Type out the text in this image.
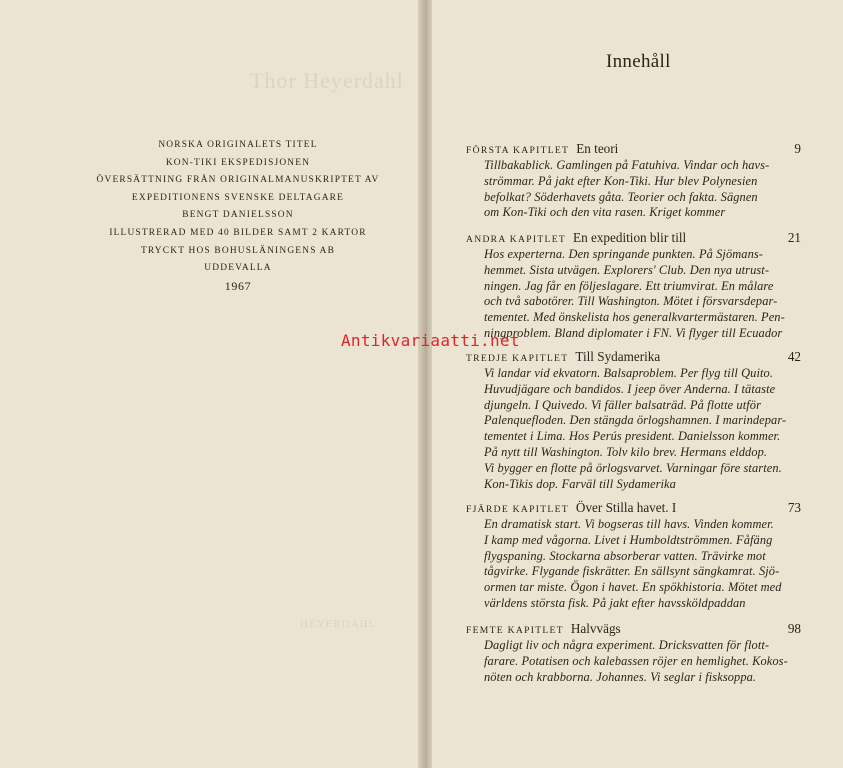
Thor Heyerdahl
HEYERDAHL
NORSKA ORIGINALETS TITEL
KON-TIKI EKSPEDISJONEN
ÖVERSÄTTNING FRÅN ORIGINALMANUSKRIPTET AV
EXPEDITIONENS SVENSKE DELTAGARE
BENGT DANIELSSON
ILLUSTRERAD MED 40 BILDER SAMT 2 KARTOR
TRYCKT HOS BOHUSLÄNINGENS AB
UDDEVALLA
1967
Innehåll
FÖRSTA KAPITLET En teori	9
Tillbakablick. Gamlingen på Fatuhiva. Vindar och havs-
strömmar. På jakt efter Kon-Tiki. Hur blev Polynesien
befolkat? Söderhavets gåta. Teorier och fakta. Sägnen
om Kon-Tiki och den vita rasen. Kriget kommer
ANDRA KAPITLET En expedition blir till	21
Hos experterna. Den springande punkten. På Sjömans-
hemmet. Sista utvägen. Explorers' Club. Den nya utrust-
ningen. Jag får en följeslagare. Ett triumvirat. En målare
och två sabotörer. Till Washington. Mötet i försvarsdepar-
tementet. Med önskelista hos generalkvartermästaren. Pen-
ningproblem. Bland diplomater i FN. Vi flyger till Ecuador
TREDJE KAPITLET Till Sydamerika	42
Vi landar vid ekvatorn. Balsaproblem. Per flyg till Quito.
Huvudjägare och bandidos. I jeep över Anderna. I tätaste
djungeln. I Quivedo. Vi fäller balsaträd. På flotte utför
Palenquefloden. Den stängda örlogshamnen. I marindepar-
tementet i Lima. Hos Perús president. Danielsson kommer.
På nytt till Washington. Tolv kilo brev. Hermans elddop.
Vi bygger en flotte på örlogsvarvet. Varningar före starten.
Kon-Tikis dop. Farväl till Sydamerika
FJÄRDE KAPITLET Över Stilla havet. I	73
En dramatisk start. Vi bogseras till havs. Vinden kommer.
I kamp med vågorna. Livet i Humboldtströmmen. Fåfäng
flygspaning. Stockarna absorberar vatten. Trävirke mot
tågvirke. Flygande fiskrätter. En sällsynt sängkamrat. Sjö-
ormen tar miste. Ögon i havet. En spökhistoria. Mötet med
världens största fisk. På jakt efter havssköldpaddan
FEMTE KAPITLET Halvvägs	98
Dagligt liv och några experiment. Dricksvatten för flott-
farare. Potatisen och kalebassen röjer en hemlighet. Kokos-
nöten och krabborna. Johannes. Vi seglar i fisksoppa.
Antikvariaatti.net
